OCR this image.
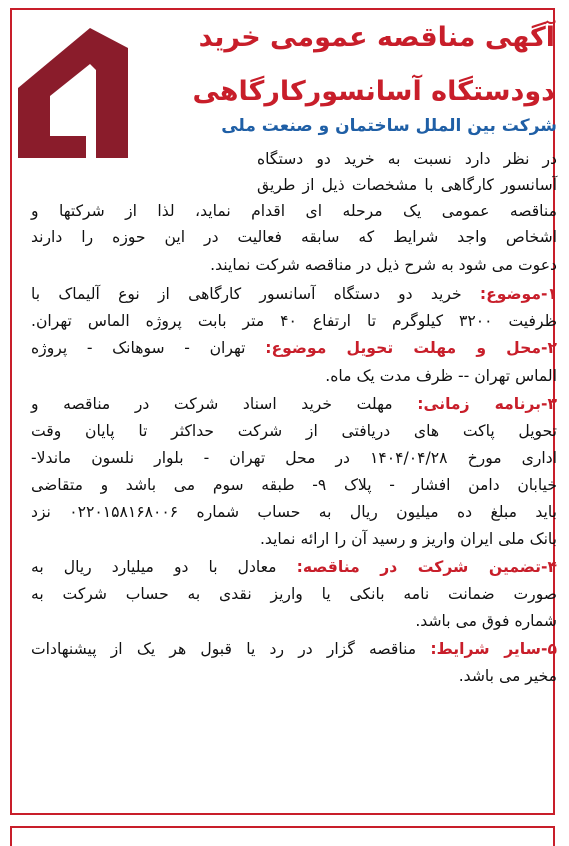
آگهی مناقصه عمومی خرید
دودستگاه آسانسورکارگاهی
شرکت بین الملل ساختمان و صنعت ملی
در نظر دارد نسبت به خرید دو دستگاه
آسانسور کارگاهی با مشخصات ذیل از طریق
مناقصه عمومی یک مرحله ای اقدام نماید، لذا از شرکتها و
اشخاص واجد شرایط که سابقه فعالیت در این حوزه را دارند
دعوت می شود به شرح ذیل در مناقصه شرکت نمایند.
۱-موضوع: خرید دو دستگاه آسانسور کارگاهی از نوع آلیماک با
ظرفیت ۳۲۰۰ کیلوگرم تا ارتفاع ۴۰ متر بابت پروژه الماس تهران.
۲-محل و مهلت تحویل موضوع: تهران - سوهانک - پروژه
الماس تهران -- ظرف مدت یک ماه.
۳-برنامه زمانی: مهلت خرید اسناد شرکت در مناقصه و
تحویل پاکت های دریافتی از شرکت حداکثر تا پایان وقت
اداری مورخ ۱۴۰۴/۰۴/۲۸ در محل تهران - بلوار نلسون ماندلا-
خیابان دامن افشار - پلاک ۹- طبقه سوم می باشد و متقاضی
باید مبلغ ده میلیون ریال به حساب شماره ۰۲۲۰۱۵۸۱۶۸۰۰۶ نزد
بانک ملی ایران واریز و رسید آن را ارائه نماید.
۴-تضمین شرکت در مناقصه: معادل با دو میلیارد ریال به
صورت ضمانت نامه بانکی یا واریز نقدی به حساب شرکت به
شماره فوق می باشد.
۵-سایر شرایط: مناقصه گزار در رد یا قبول هر یک از پیشنهادات
مخیر می باشد.
